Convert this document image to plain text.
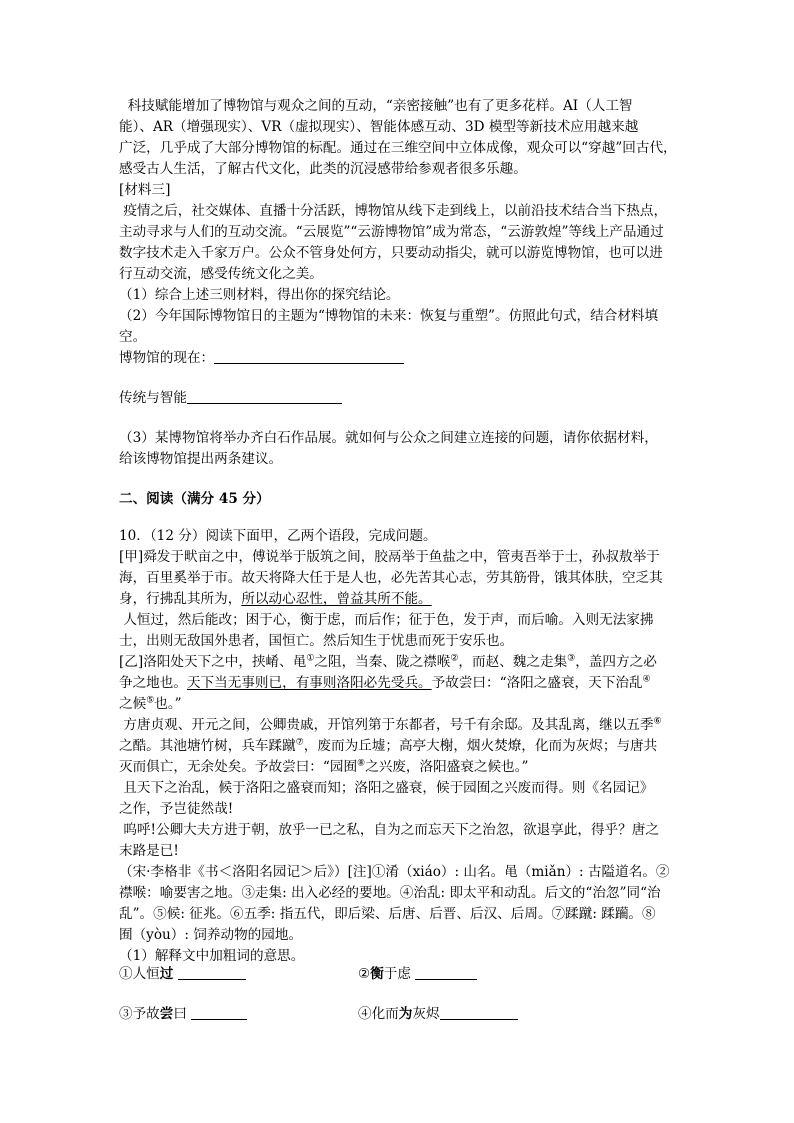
科技赋能增加了博物馆与观众之间的互动，“亲密接触”也有了更多花样。AI（人工智
能）、AR（增强现实）、VR（虚拟现实）、智能体感互动、3D 模型等新技术应用越来越
广泛，几乎成了大部分博物馆的标配。通过在三维空间中立体成像，观众可以“穿越”回古代，
感受古人生活，了解古代文化，此类的沉浸感带给参观者很多乐趣。
[材料三]
疫情之后，社交媒体、直播十分活跃，博物馆从线下走到线上，以前沿技术结合当下热点，
主动寻求与人们的互动交流。“云展览”“云游博物馆”成为常态，“云游敦煌”等线上产品通过
数字技术走入千家万户。公众不管身处何方，只要动动指尖，就可以游览博物馆，也可以进
行互动交流，感受传统文化之美。
（1）综合上述三则材料，得出你的探究结论。
（2）今年国际博物馆日的主题为“博物馆的未来：恢复与重塑”。仿照此句式，结合材料填
空。
博物馆的现在：
传统与智能
（3）某博物馆将举办齐白石作品展。就如何与公众之间建立连接的问题，请你依据材料，
给该博物馆提出两条建议。
二、阅读（满分 45 分）
10．（12 分）阅读下面甲，乙两个语段，完成问题。
[甲]舜发于畎亩之中，傅说举于版筑之间，胶鬲举于鱼盐之中，管夷吾举于士，孙叔敖举于
海，百里奚举于市。故天将降大任于是人也，必先苦其心志，劳其筋骨，饿其体肤，空乏其
身，行拂乱其所为，所以动心忍性，曾益其所不能。
人恒过，然后能改；困于心，衡于虑，而后作；征于色，发于声，而后喻。入则无法家拂
士，出则无敌国外患者，国恒亡。然后知生于忧患而死于安乐也。
[乙]洛阳处天下之中，挟崤、黾①之阻，当秦、陇之襟喉②，而赵、魏之走集③，盖四方之必
争之地也。天下当无事则已，有事则洛阳必先受兵。予故尝曰：“洛阳之盛衰，天下治乱④
之候⑤也。”
方唐贞观、开元之间，公卿贵戚，开馆列第于东都者，号千有余邸。及其乱离，继以五季⑥
之酷。其池塘竹树，兵车蹂蹴⑦，废而为丘墟；高亭大榭，烟火焚燎，化而为灰烬；与唐共
灭而俱亡，无余处矣。予故尝曰：“园囿⑧之兴废，洛阳盛衰之候也。”
且天下之治乱，候于洛阳之盛衰而知；洛阳之盛衰，候于园囿之兴废而得。则《名园记》
之作，予岂徒然哉!
呜呼!公卿大夫方进于朝，放乎一已之私，自为之而忘天下之治忽，欲退享此，得乎？唐之
末路是已!
（宋·李格非《书＜洛阳名园记＞后》）[注]①淆（xiáo）: 山名。黾（miǎn）: 古隘道名。②
襟喉：喻要害之地。③走集: 出入必经的要地。④治乱: 即太平和动乱。后文的“治忽”同“治
乱”。⑤候: 征兆。⑥五季: 指五代，即后梁、后唐、后晋、后汉、后周。⑦蹂蹴: 蹂躏。⑧
囿（yòu）: 饲养动物的园地。
（1）解释文中加粗词的意思。
①人恒过	②衡于虑
③予故尝曰	④化而为灰烬
